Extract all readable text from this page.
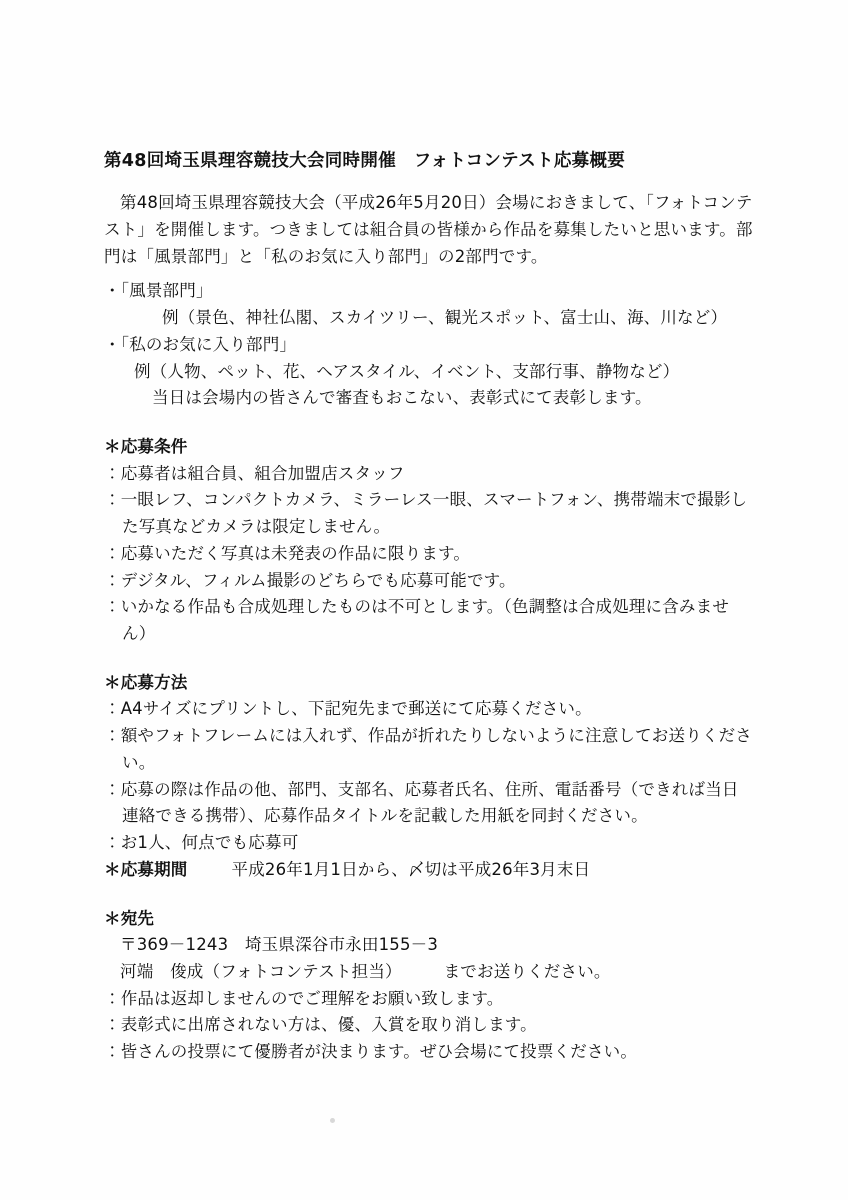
第48回埼玉県理容競技大会同時開催　フォトコンテスト応募概要

第48回埼玉県理容競技大会（平成26年5月20日）会場におきまして、「フォトコンテスト」を開催します。つきましては組合員の皆様から作品を募集したいと思います。部門は「風景部門」と「私のお気に入り部門」の2部門です。

・「風景部門」

例（景色、神社仏閣、スカイツリー、観光スポット、富士山、海、川など）

・「私のお気に入り部門」

例（人物、ペット、花、ヘアスタイル、イベント、支部行事、静物など）

当日は会場内の皆さんで審査もおこない、表彰式にて表彰します。

＊応募条件

：応募者は組合員、組合加盟店スタッフ

：一眼レフ、コンパクトカメラ、ミラーレス一眼、スマートフォン、携帯端末で撮影した写真などカメラは限定しません。

：応募いただく写真は未発表の作品に限ります。

：デジタル、フィルム撮影のどちらでも応募可能です。

：いかなる作品も合成処理したものは不可とします。（色調整は合成処理に含みません）

＊応募方法

：A4サイズにプリントし、下記宛先まで郵送にて応募ください。

：額やフォトフレームには入れず、作品が折れたりしないように注意してお送りください。

：応募の際は作品の他、部門、支部名、応募者氏名、住所、電話番号（できれば当日連絡できる携帯）、応募作品タイトルを記載した用紙を同封ください。

：お1人、何点でも応募可

＊応募期間	平成26年1月1日から、〆切は平成26年3月末日

＊宛先

〒369－1243　埼玉県深谷市永田155－3

河端　俊成（フォトコンテスト担当）　　　までお送りください。

：作品は返却しませんのでご理解をお願い致します。

：表彰式に出席されない方は、優、入賞を取り消します。

：皆さんの投票にて優勝者が決まります。ぜひ会場にて投票ください。
